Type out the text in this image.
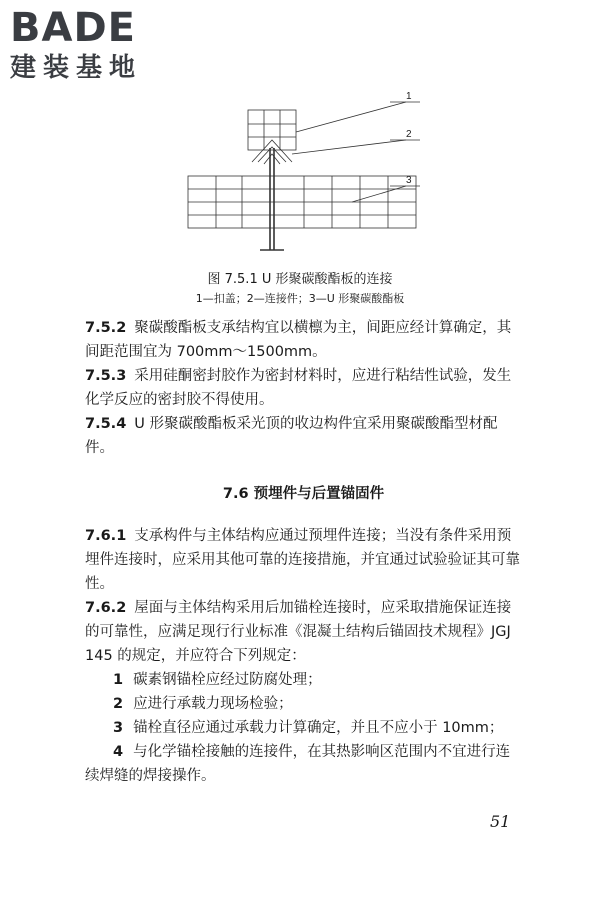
BADE
建装基地
1
2
3
图 7.5.1 U 形聚碳酸酯板的连接
1—扣盖；2—连接件；3—U 形聚碳酸酯板

7.5.2 聚碳酸酯板支承结构宜以横檩为主，间距应经计算确定，其间距范围宜为 700mm～1500mm。

7.5.3 采用硅酮密封胶作为密封材料时，应进行粘结性试验，发生化学反应的密封胶不得使用。

7.5.4 U 形聚碳酸酯板采光顶的收边构件宜采用聚碳酸酯型材配件。

7.6 预埋件与后置锚固件

7.6.1 支承构件与主体结构应通过预埋件连接；当没有条件采用预埋件连接时，应采用其他可靠的连接措施，并宜通过试验验证其可靠性。

7.6.2 屋面与主体结构采用后加锚栓连接时，应采取措施保证连接的可靠性，应满足现行行业标准《混凝土结构后锚固技术规程》JGJ 145 的规定，并应符合下列规定：

1 碳素钢锚栓应经过防腐处理；

2 应进行承载力现场检验；

3 锚栓直径应通过承载力计算确定，并且不应小于 10mm；

4 与化学锚栓接触的连接件，在其热影响区范围内不宜进行连续焊缝的焊接操作。

51
